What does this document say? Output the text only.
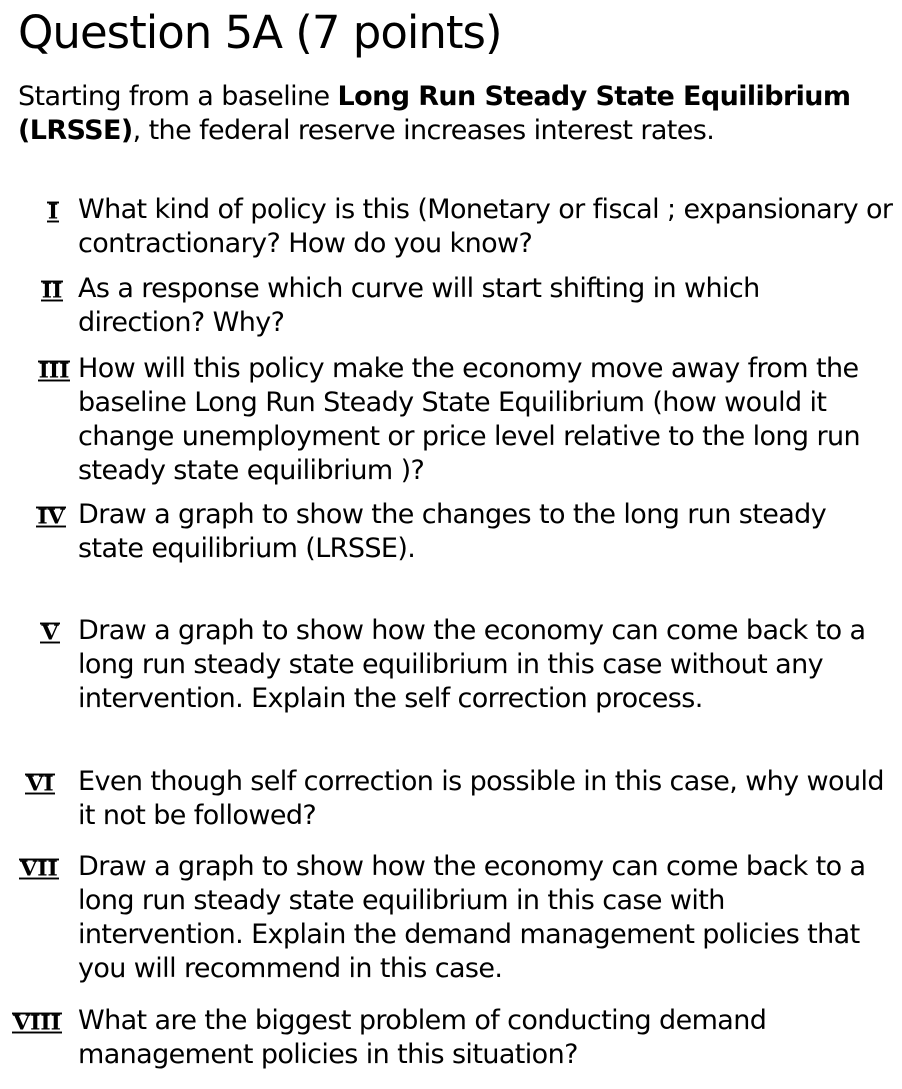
Question 5A (7 points)
Starting from a baseline Long Run Steady State Equilibrium (LRSSE), the federal reserve increases interest rates.
I What kind of policy is this (Monetary or fiscal ; expansionary or contractionary? How do you know?
II As a response which curve will start shifting in which direction? Why?
III How will this policy make the economy move away from the baseline Long Run Steady State Equilibrium (how would it change unemployment or price level relative to the long run steady state equilibrium )?
IV Draw a graph to show the changes to the long run steady state equilibrium (LRSSE).
V Draw a graph to show how the economy can come back to a long run steady state equilibrium in this case without any intervention. Explain the self correction process.
VI Even though self correction is possible in this case, why would it not be followed?
VII Draw a graph to show how the economy can come back to a long run steady state equilibrium in this case with intervention. Explain the demand management policies that you will recommend in this case.
VIII What are the biggest problem of conducting demand management policies in this situation?
